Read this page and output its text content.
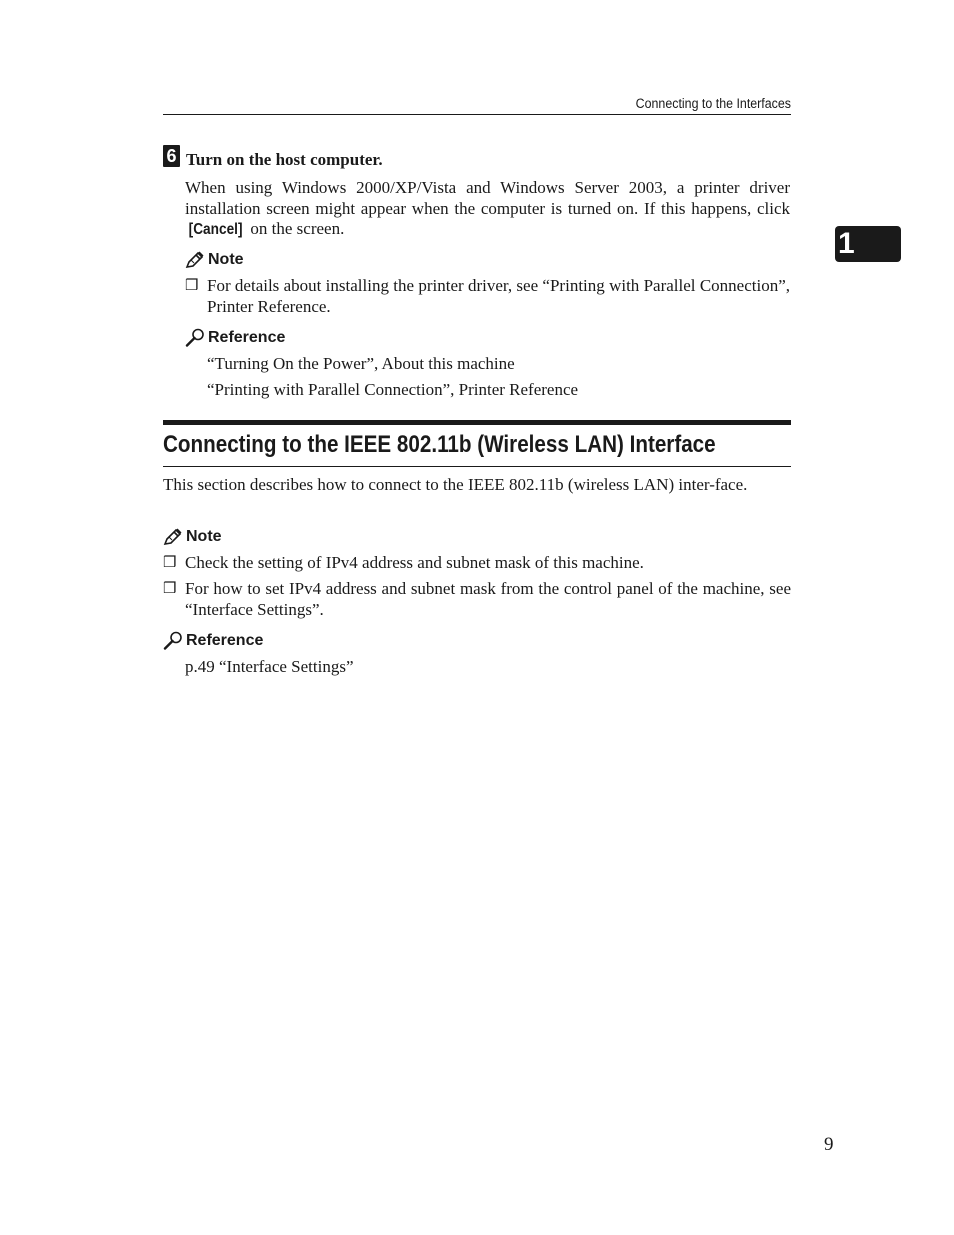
Connecting to the Interfaces
6 Turn on the host computer.
When using Windows 2000/XP/Vista and Windows Server 2003, a printer driver installation screen might appear when the computer is turned on. If this happens, click [Cancel] on the screen.
Note
❒ For details about installing the printer driver, see “Printing with Parallel Connection”, Printer Reference.
Reference
“Turning On the Power”, About this machine
“Printing with Parallel Connection”, Printer Reference
Connecting to the IEEE 802.11b (Wireless LAN) Interface
This section describes how to connect to the IEEE 802.11b (wireless LAN) inter-face.
Note
❒ Check the setting of IPv4 address and subnet mask of this machine.
❒ For how to set IPv4 address and subnet mask from the control panel of the machine, see “Interface Settings”.
Reference
p.49 “Interface Settings”
1
9
